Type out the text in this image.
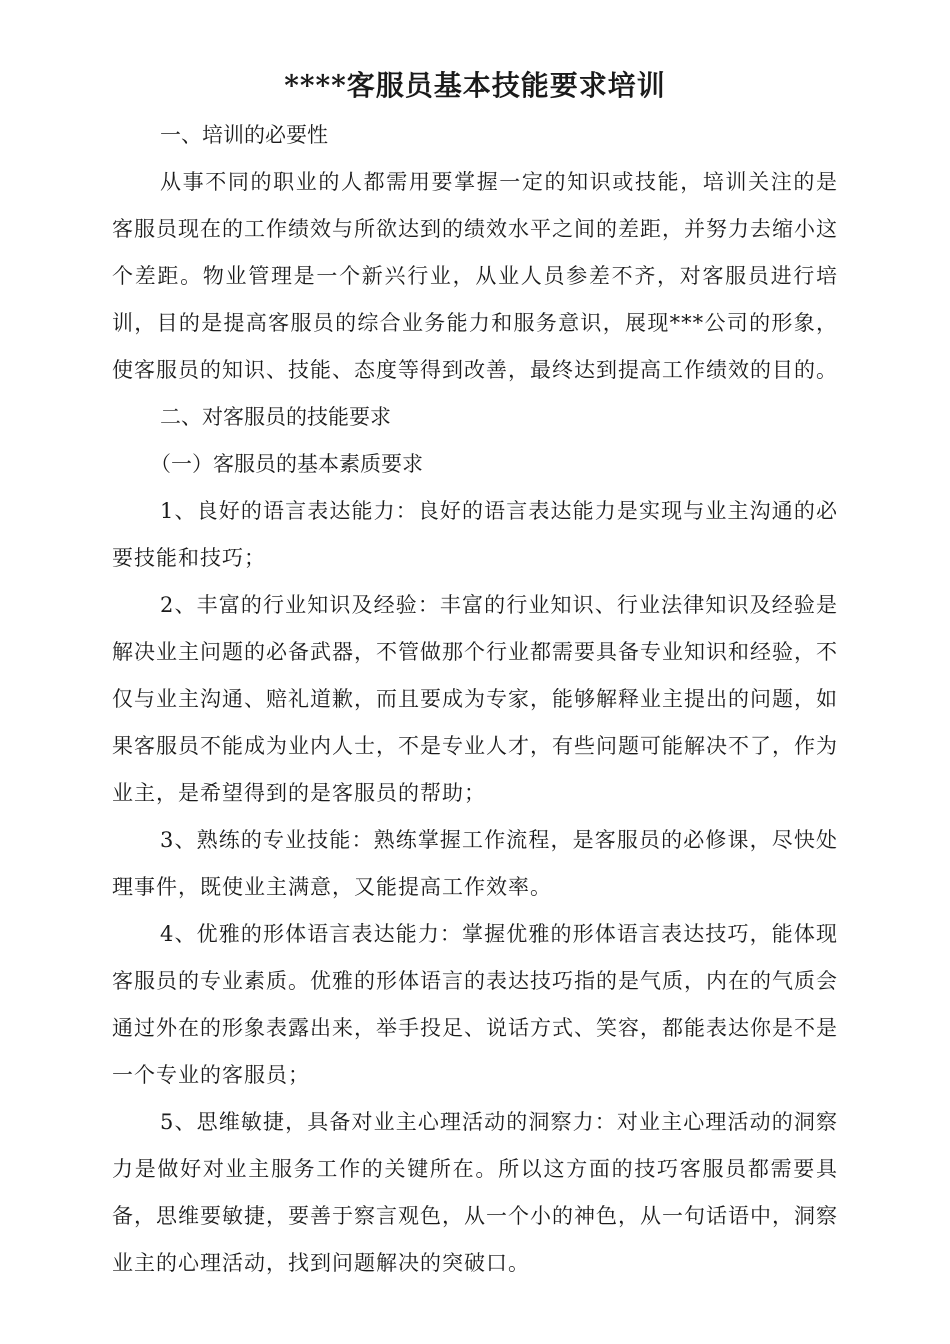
****客服员基本技能要求培训

一、培训的必要性

从事不同的职业的人都需用要掌握一定的知识或技能，培训关注的是客服员现在的工作绩效与所欲达到的绩效水平之间的差距，并努力去缩小这个差距。物业管理是一个新兴行业，从业人员参差不齐，对客服员进行培训，目的是提高客服员的综合业务能力和服务意识，展现***公司的形象，使客服员的知识、技能、态度等得到改善，最终达到提高工作绩效的目的。

二、对客服员的技能要求

（一）客服员的基本素质要求

1、良好的语言表达能力：良好的语言表达能力是实现与业主沟通的必要技能和技巧；

2、丰富的行业知识及经验：丰富的行业知识、行业法律知识及经验是解决业主问题的必备武器，不管做那个行业都需要具备专业知识和经验，不仅与业主沟通、赔礼道歉，而且要成为专家，能够解释业主提出的问题，如果客服员不能成为业内人士，不是专业人才，有些问题可能解决不了，作为业主，是希望得到的是客服员的帮助；

3、熟练的专业技能：熟练掌握工作流程，是客服员的必修课，尽快处理事件，既使业主满意，又能提高工作效率。

4、优雅的形体语言表达能力：掌握优雅的形体语言表达技巧，能体现客服员的专业素质。优雅的形体语言的表达技巧指的是气质，内在的气质会通过外在的形象表露出来，举手投足、说话方式、笑容，都能表达你是不是一个专业的客服员；

5、思维敏捷，具备对业主心理活动的洞察力：对业主心理活动的洞察力是做好对业主服务工作的关键所在。所以这方面的技巧客服员都需要具备，思维要敏捷，要善于察言观色，从一个小的神色，从一句话语中，洞察业主的心理活动，找到问题解决的突破口。
